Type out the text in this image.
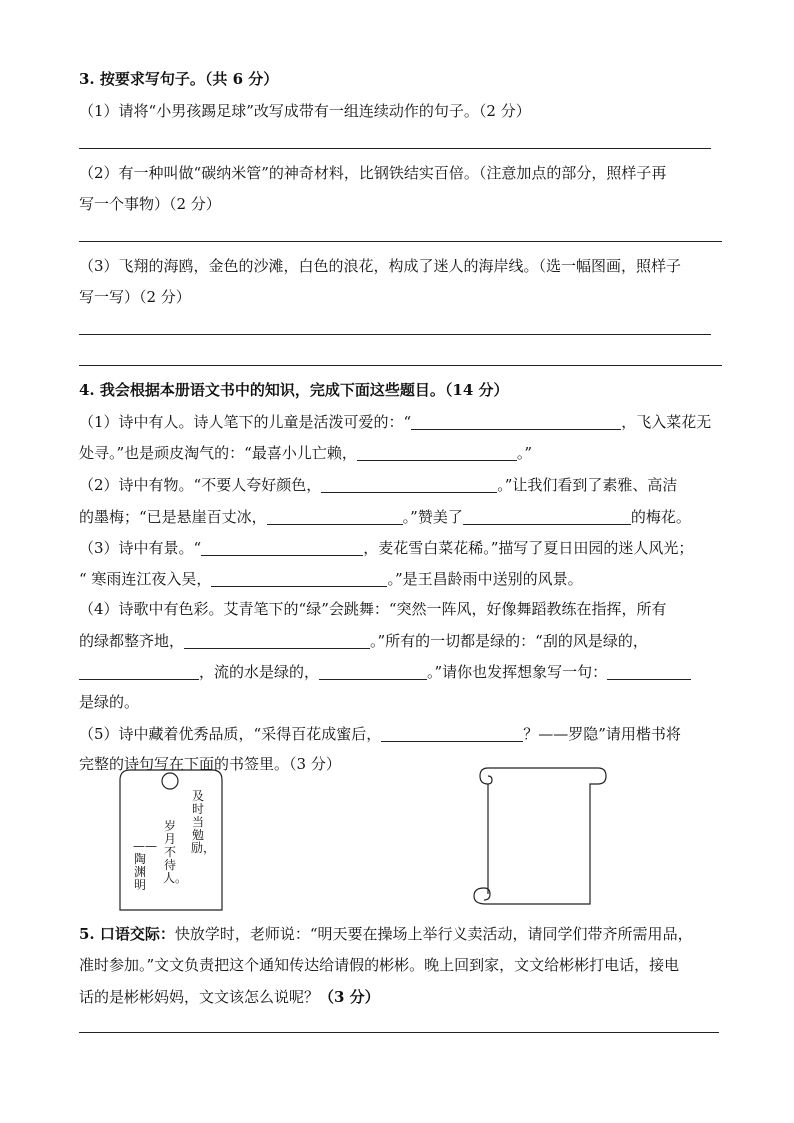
3. 按要求写句子。（共 6 分）
（1）请将“小男孩踢足球”改写成带有一组连续动作的句子。（2 分）
（2）有一种叫做“碳纳米管”的神奇材料，比钢铁结实百倍。（注意加点的部分，照样子再
写一个事物）（2 分）
（3）飞翔的海鸥，金色的沙滩，白色的浪花，构成了迷人的海岸线。（选一幅图画，照样子
写一写）（2 分）
4. 我会根据本册语文书中的知识，完成下面这些题目。（14 分）
（1）诗中有人。诗人笔下的儿童是活泼可爱的：“	，飞入菜花无
处寻。”也是顽皮淘气的：“最喜小儿亡赖，	。”
（2）诗中有物。“不要人夸好颜色，	。”让我们看到了素雅、高洁
的墨梅；“已是悬崖百丈冰，	。”赞美了	的梅花。
（3）诗中有景。“	，麦花雪白菜花稀。”描写了夏日田园的迷人风光；
“ 寒雨连江夜入吴，	。”是王昌龄雨中送别的风景。
（4）诗歌中有色彩。艾青笔下的“绿”会跳舞：“突然一阵风，好像舞蹈教练在指挥，所有
的绿都整齐地，	。”所有的一切都是绿的：“刮的风是绿的，
，流的水是绿的，	。”请你也发挥想象写一句：
是绿的。
（5）诗中藏着优秀品质，“采得百花成蜜后，	？——罗隐”请用楷书将
完整的诗句写在下面的书签里。（3 分）
及时当勉励，
岁月不待人。
——陶渊明
5. 口语交际：快放学时，老师说：“明天要在操场上举行义卖活动，请同学们带齐所需用品，
准时参加。”文文负责把这个通知传达给请假的彬彬。晚上回到家，文文给彬彬打电话，接电
话的是彬彬妈妈，文文该怎么说呢？（3 分）
